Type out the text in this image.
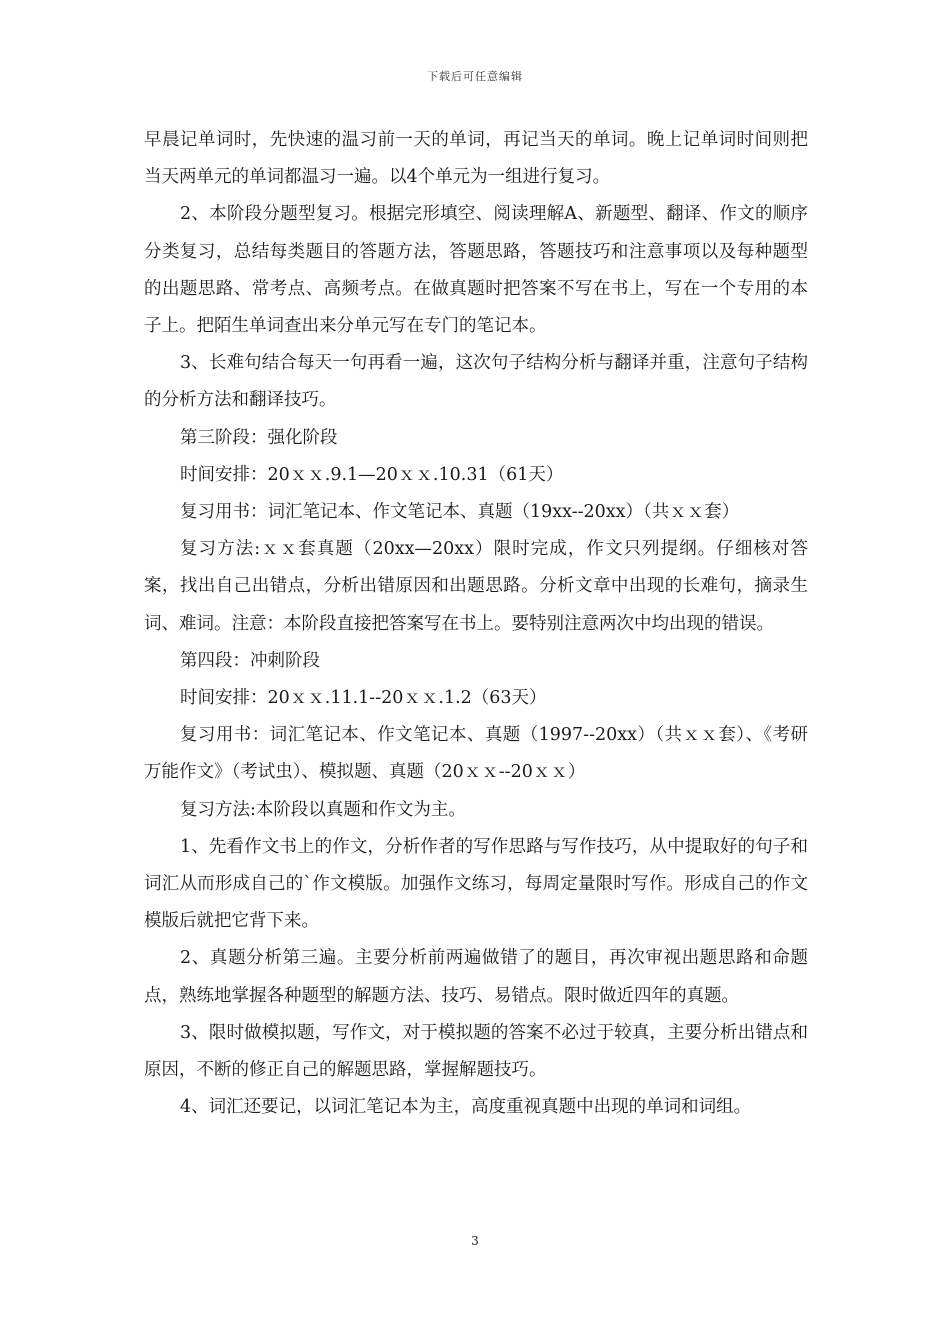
下载后可任意编辑

早晨记单词时，先快速的温习前一天的单词，再记当天的单词。晚上记单词时间则把当天两单元的单词都温习一遍。以4个单元为一组进行复习。

2、本阶段分题型复习。根据完形填空、阅读理解A、新题型、翻译、作文的顺序分类复习，总结每类题目的答题方法，答题思路，答题技巧和注意事项以及每种题型的出题思路、常考点、高频考点。在做真题时把答案不写在书上，写在一个专用的本子上。把陌生单词查出来分单元写在专门的笔记本。

3、长难句结合每天一句再看一遍，这次句子结构分析与翻译并重，注意句子结构的分析方法和翻译技巧。

第三阶段：强化阶段

时间安排：20ｘｘ.9.1—20ｘｘ.10.31（61天）

复习用书：词汇笔记本、作文笔记本、真题（19xx--20xx）（共ｘｘ套）

复习方法:ｘｘ套真题（20xx—20xx）限时完成，作文只列提纲。仔细核对答案，找出自己出错点，分析出错原因和出题思路。分析文章中出现的长难句，摘录生词、难词。注意：本阶段直接把答案写在书上。要特别注意两次中均出现的错误。

第四段：冲刺阶段

时间安排：20ｘｘ.11.1--20ｘｘ.1.2（63天）

复习用书：词汇笔记本、作文笔记本、真题（1997--20xx）（共ｘｘ套）、《考研万能作文》（考试虫）、模拟题、真题（20ｘｘ--20ｘｘ）

复习方法:本阶段以真题和作文为主。

1、先看作文书上的作文，分析作者的写作思路与写作技巧，从中提取好的句子和词汇从而形成自己的`作文模版。加强作文练习，每周定量限时写作。形成自己的作文模版后就把它背下来。

2、真题分析第三遍。主要分析前两遍做错了的题目，再次审视出题思路和命题点，熟练地掌握各种题型的解题方法、技巧、易错点。限时做近四年的真题。

3、限时做模拟题，写作文，对于模拟题的答案不必过于较真，主要分析出错点和原因，不断的修正自己的解题思路，掌握解题技巧。

4、词汇还要记，以词汇笔记本为主，高度重视真题中出现的单词和词组。

3
